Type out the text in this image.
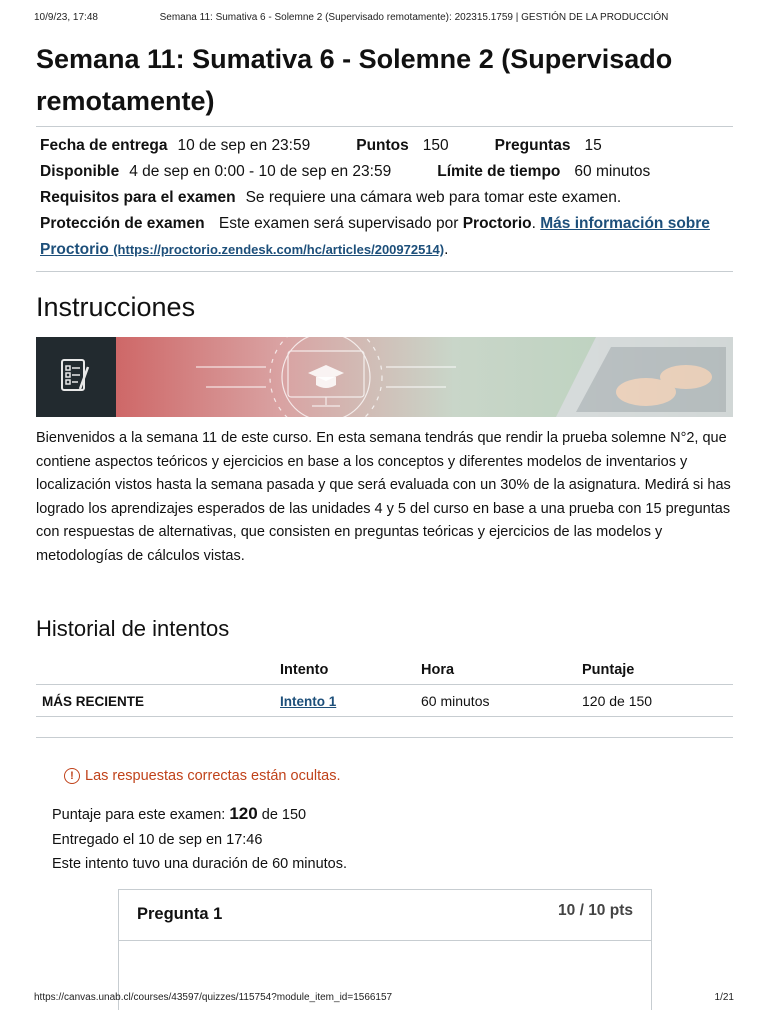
10/9/23, 17:48	Semana 11: Sumativa 6 - Solemne 2 (Supervisado remotamente): 202315.1759 | GESTIÓN DE LA PRODUCCIÓN
Semana 11: Sumativa 6 - Solemne 2 (Supervisado
remotamente)
Fecha de entrega 10 de sep en 23:59	Puntos 150	Preguntas 15
Disponible 4 de sep en 0:00 - 10 de sep en 23:59	Límite de tiempo 60 minutos
Requisitos para el examen Se requiere una cámara web para tomar este examen.
Protección de examen Este examen será supervisado por Proctorio. Más información sobre Proctorio (https://proctorio.zendesk.com/hc/articles/200972514).
Instrucciones

Bienvenidos a la semana 11 de este curso. En esta semana tendrás que rendir la prueba solemne N°2, que contiene aspectos teóricos y ejercicios en base a los conceptos y diferentes modelos de inventarios y localización vistos hasta la semana pasada y que será evaluada con un 30% de la asignatura. Medirá si has logrado los aprendizajes esperados de las unidades 4 y 5 del curso en base a una prueba con 15 preguntas con respuestas de alternativas, que consisten en preguntas teóricas y ejercicios de las modelos y metodologías de cálculos vistas.

Historial de intentos
	Intento	Hora	Puntaje
MÁS RECIENTE	Intento 1	60 minutos	120 de 150
! Las respuestas correctas están ocultas.
Puntaje para este examen: 120 de 150
Entregado el 10 de sep en 17:46
Este intento tuvo una duración de 60 minutos.
Pregunta 1	10 / 10 pts
https://canvas.unab.cl/courses/43597/quizzes/115754?module_item_id=1566157	1/21
